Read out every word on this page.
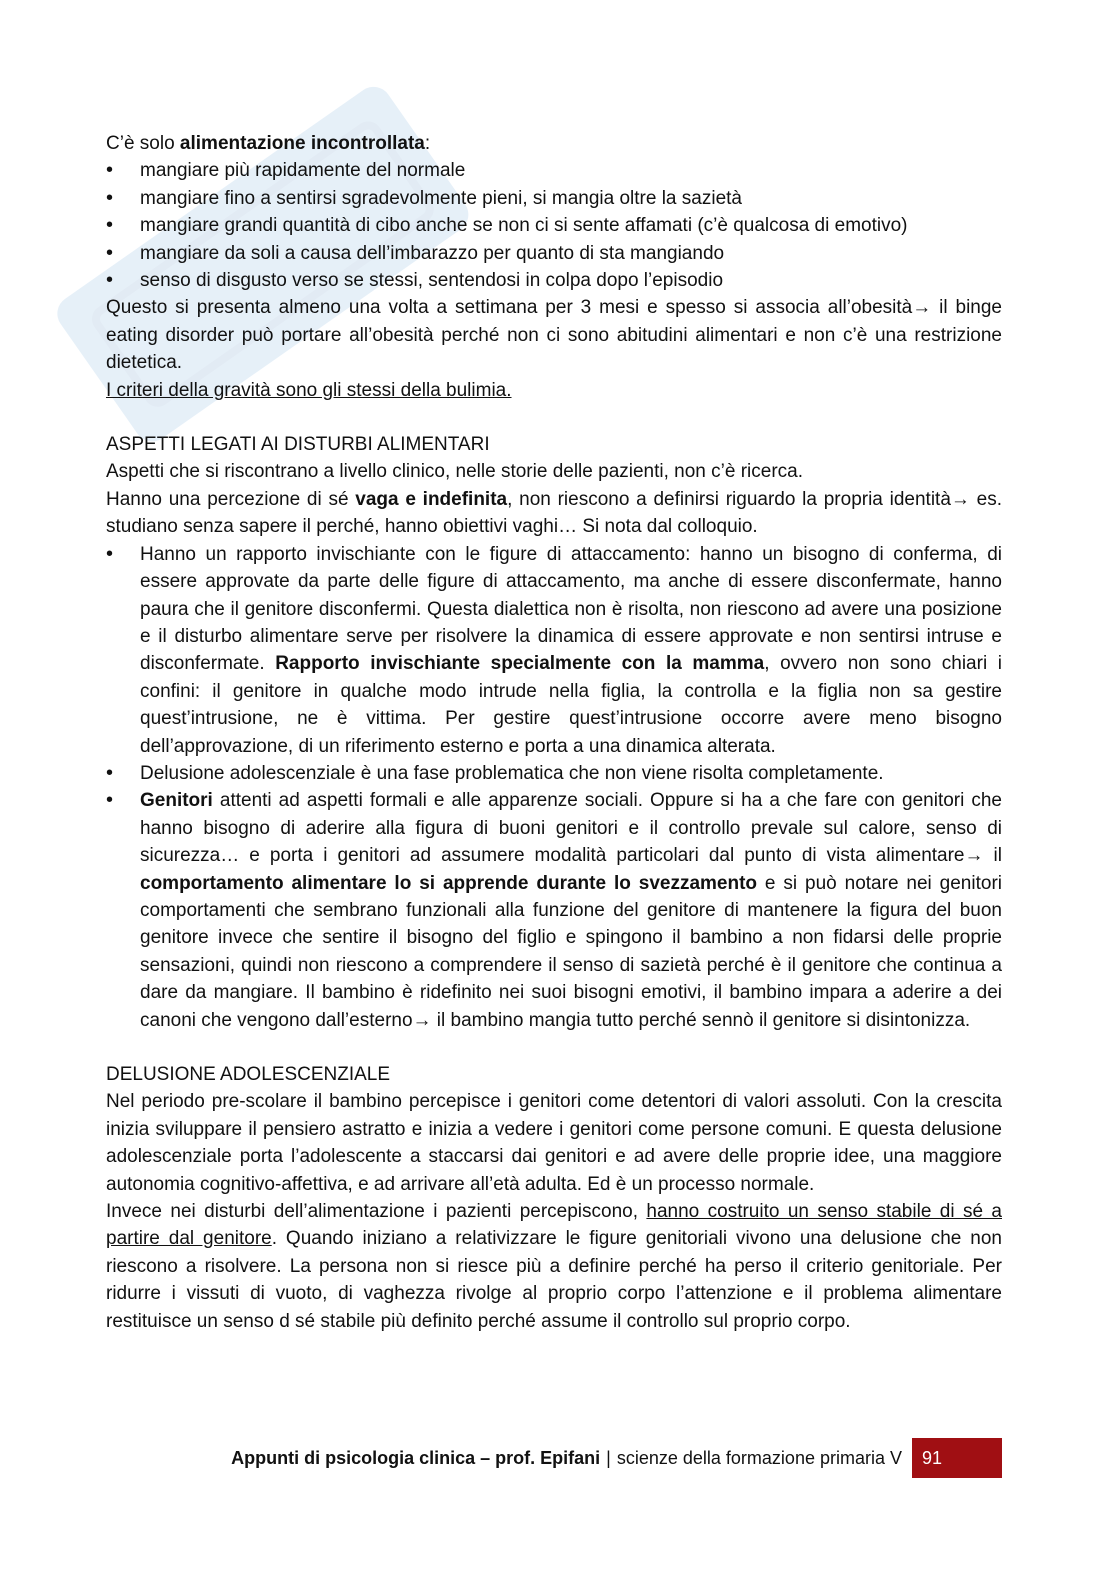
C’è solo alimentazione incontrollata:

• mangiare più rapidamente del normale
• mangiare fino a sentirsi sgradevolmente pieni, si mangia oltre la sazietà
• mangiare grandi quantità di cibo anche se non ci si sente affamati (c’è qualcosa di emotivo)
• mangiare da soli a causa dell’imbarazzo per quanto di sta mangiando
• senso di disgusto verso se stessi, sentendosi in colpa dopo l’episodio

Questo si presenta almeno una volta a settimana per 3 mesi e spesso si associa all’obesità→ il binge eating disorder può portare all’obesità perché non ci sono abitudini alimentari e non c’è una restrizione dietetica.

I criteri della gravità sono gli stessi della bulimia.

ASPETTI LEGATI AI DISTURBI ALIMENTARI

Aspetti che si riscontrano a livello clinico, nelle storie delle pazienti, non c’è ricerca.

Hanno una percezione di sé vaga e indefinita, non riescono a definirsi riguardo la propria identità→ es. studiano senza sapere il perché, hanno obiettivi vaghi… Si nota dal colloquio.

• Hanno un rapporto invischiante con le figure di attaccamento: hanno un bisogno di conferma, di essere approvate da parte delle figure di attaccamento, ma anche di essere disconfermate, hanno paura che il genitore disconfermi. Questa dialettica non è risolta, non riescono ad avere una posizione e il disturbo alimentare serve per risolvere la dinamica di essere approvate e non sentirsi intruse e disconfermate. Rapporto invischiante specialmente con la mamma, ovvero non sono chiari i confini: il genitore in qualche modo intrude nella figlia, la controlla e la figlia non sa gestire quest’intrusione, ne è vittima. Per gestire quest’intrusione occorre avere meno bisogno dell’approvazione, di un riferimento esterno e porta a una dinamica alterata.
• Delusione adolescenziale è una fase problematica che non viene risolta completamente.
• Genitori attenti ad aspetti formali e alle apparenze sociali. Oppure si ha a che fare con genitori che hanno bisogno di aderire alla figura di buoni genitori e il controllo prevale sul calore, senso di sicurezza… e porta i genitori ad assumere modalità particolari dal punto di vista alimentare→ il comportamento alimentare lo si apprende durante lo svezzamento e si può notare nei genitori comportamenti che sembrano funzionali alla funzione del genitore di mantenere la figura del buon genitore invece che sentire il bisogno del figlio e spingono il bambino a non fidarsi delle proprie sensazioni, quindi non riescono a comprendere il senso di sazietà perché è il genitore che continua a dare da mangiare. Il bambino è ridefinito nei suoi bisogni emotivi, il bambino impara a aderire a dei canoni che vengono dall’esterno→ il bambino mangia tutto perché sennò il genitore si disintonizza.

DELUSIONE ADOLESCENZIALE

Nel periodo pre-scolare il bambino percepisce i genitori come detentori di valori assoluti. Con la crescita inizia sviluppare il pensiero astratto e inizia a vedere i genitori come persone comuni. E questa delusione adolescenziale porta l’adolescente a staccarsi dai genitori e ad avere delle proprie idee, una maggiore autonomia cognitivo-affettiva, e ad arrivare all’età adulta. Ed è un processo normale.

Invece nei disturbi dell’alimentazione i pazienti percepiscono, hanno costruito un senso stabile di sé a partire dal genitore. Quando iniziano a relativizzare le figure genitoriali vivono una delusione che non riescono a risolvere. La persona non si riesce più a definire perché ha perso il criterio genitoriale. Per ridurre i vissuti di vuoto, di vaghezza rivolge al proprio corpo l’attenzione e il problema alimentare restituisce un senso d sé stabile più definito perché assume il controllo sul proprio corpo.

Appunti di psicologia clinica – prof. Epifani | scienze della formazione primaria V	91
